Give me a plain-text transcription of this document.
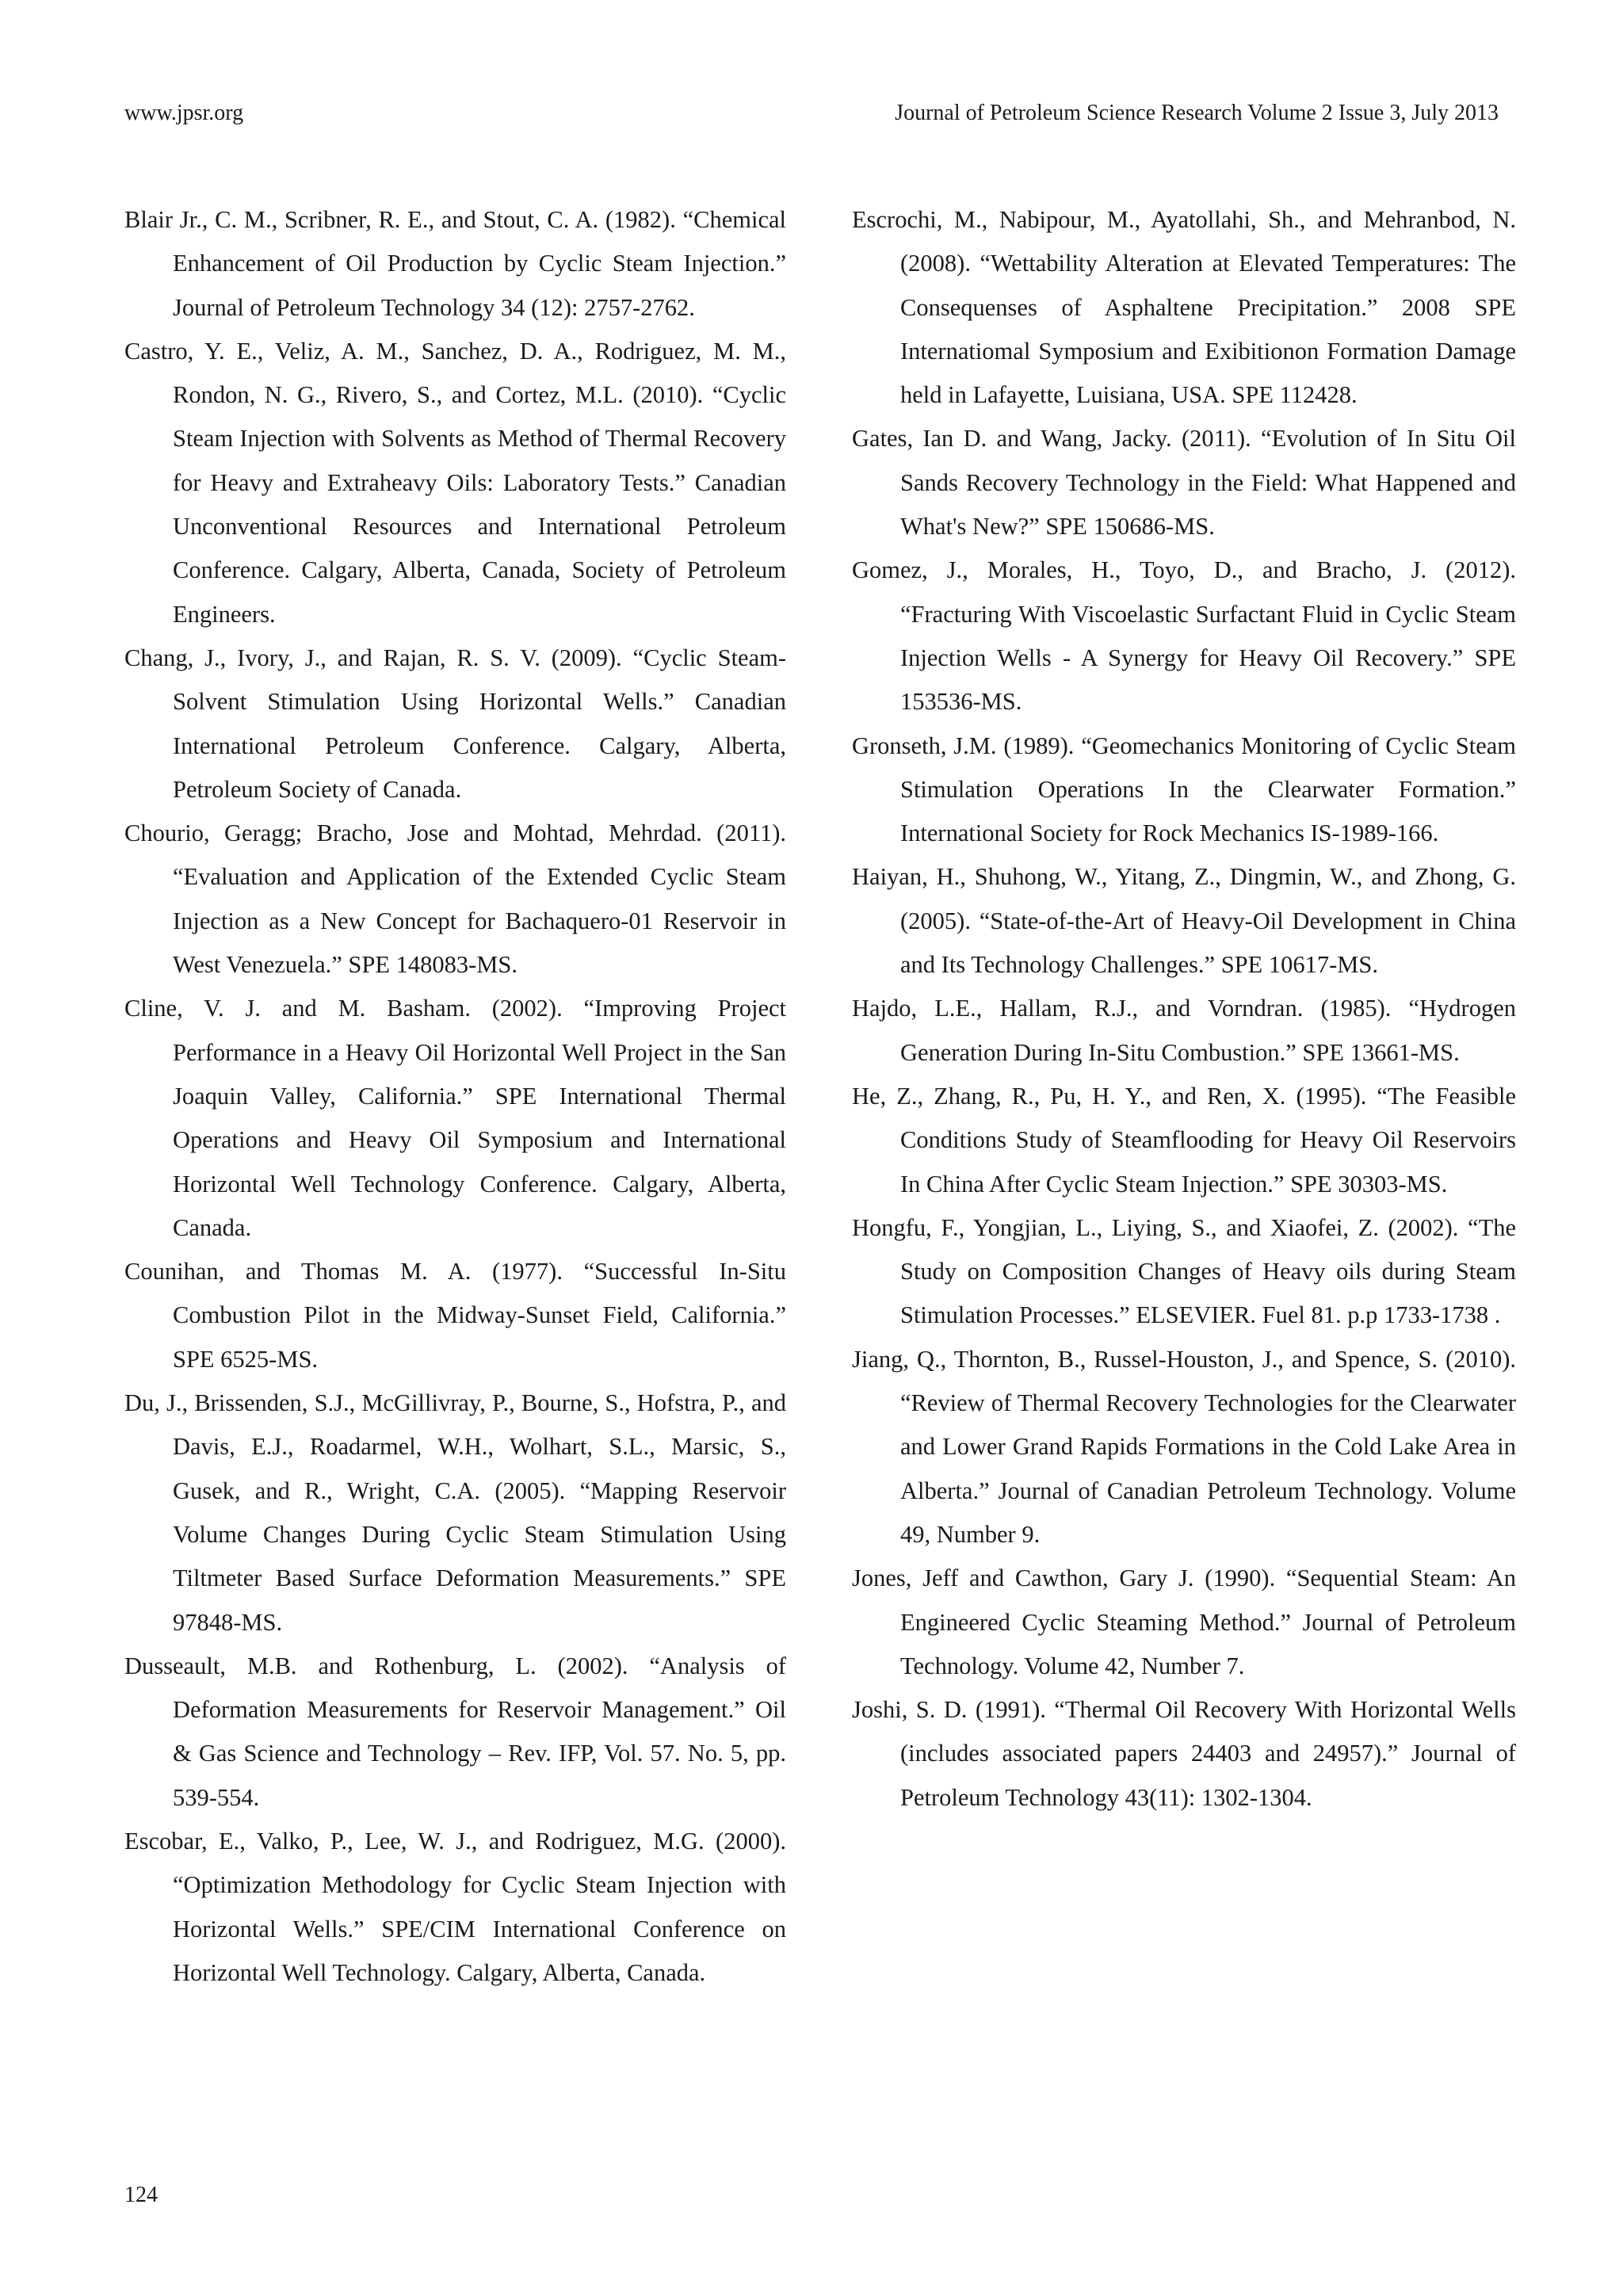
www.jpsr.org	Journal of Petroleum Science Research Volume 2 Issue 3, July 2013

Blair Jr., C. M., Scribner, R. E., and Stout, C. A. (1982). “Chemical Enhancement of Oil Production by Cyclic Steam Injection.” Journal of Petroleum Technology 34 (12): 2757-2762.

Castro, Y. E., Veliz, A. M., Sanchez, D. A., Rodriguez, M. M., Rondon, N. G., Rivero, S., and Cortez, M.L. (2010). “Cyclic Steam Injection with Solvents as Method of Thermal Recovery for Heavy and Extraheavy Oils: Laboratory Tests.” Canadian Unconventional Resources and International Petroleum Conference. Calgary, Alberta, Canada, Society of Petroleum Engineers.

Chang, J., Ivory, J., and Rajan, R. S. V. (2009). “Cyclic Steam-Solvent Stimulation Using Horizontal Wells.” Canadian International Petroleum Conference. Calgary, Alberta, Petroleum Society of Canada.

Chourio, Geragg; Bracho, Jose and Mohtad, Mehrdad. (2011). “Evaluation and Application of the Extended Cyclic Steam Injection as a New Concept for Bachaquero-01 Reservoir in West Venezuela.” SPE 148083-MS.

Cline, V. J. and M. Basham. (2002). “Improving Project Performance in a Heavy Oil Horizontal Well Project in the San Joaquin Valley, California.” SPE International Thermal Operations and Heavy Oil Symposium and International Horizontal Well Technology Conference. Calgary, Alberta, Canada.

Counihan, and Thomas M. A. (1977). “Successful In-Situ Combustion Pilot in the Midway-Sunset Field, California.” SPE 6525-MS.

Du, J., Brissenden, S.J., McGillivray, P., Bourne, S., Hofstra, P., and Davis, E.J., Roadarmel, W.H., Wolhart, S.L., Marsic, S., Gusek, and R., Wright, C.A. (2005). “Mapping Reservoir Volume Changes During Cyclic Steam Stimulation Using Tiltmeter Based Surface Deformation Measurements.” SPE 97848-MS.

Dusseault, M.B. and Rothenburg, L. (2002). “Analysis of Deformation Measurements for Reservoir Management.” Oil & Gas Science and Technology – Rev. IFP, Vol. 57. No. 5, pp. 539-554.

Escobar, E., Valko, P., Lee, W. J., and Rodriguez, M.G. (2000). “Optimization Methodology for Cyclic Steam Injection with Horizontal Wells.” SPE/CIM International Conference on Horizontal Well Technology. Calgary, Alberta, Canada.

Escrochi, M., Nabipour, M., Ayatollahi, Sh., and Mehranbod, N. (2008). “Wettability Alteration at Elevated Temperatures: The Consequenses of Asphaltene Precipitation.” 2008 SPE Internatiomal Symposium and Exibitionon Formation Damage held in Lafayette, Luisiana, USA. SPE 112428.

Gates, Ian D. and Wang, Jacky. (2011). “Evolution of In Situ Oil Sands Recovery Technology in the Field: What Happened and What's New?” SPE 150686-MS.

Gomez, J., Morales, H., Toyo, D., and Bracho, J. (2012). “Fracturing With Viscoelastic Surfactant Fluid in Cyclic Steam Injection Wells - A Synergy for Heavy Oil Recovery.” SPE 153536-MS.

Gronseth, J.M. (1989). “Geomechanics Monitoring of Cyclic Steam Stimulation Operations In the Clearwater Formation.” International Society for Rock Mechanics IS-1989-166.

Haiyan, H., Shuhong, W., Yitang, Z., Dingmin, W., and Zhong, G. (2005). “State-of-the-Art of Heavy-Oil Development in China and Its Technology Challenges.” SPE 10617-MS.

Hajdo, L.E., Hallam, R.J., and Vorndran. (1985). “Hydrogen Generation During In-Situ Combustion.” SPE 13661-MS.

He, Z., Zhang, R., Pu, H. Y., and Ren, X. (1995). “The Feasible Conditions Study of Steamflooding for Heavy Oil Reservoirs In China After Cyclic Steam Injection.” SPE 30303-MS.

Hongfu, F., Yongjian, L., Liying, S., and Xiaofei, Z. (2002). “The Study on Composition Changes of Heavy oils during Steam Stimulation Processes.” ELSEVIER. Fuel 81. p.p 1733-1738 .

Jiang, Q., Thornton, B., Russel-Houston, J., and Spence, S. (2010). “Review of Thermal Recovery Technologies for the Clearwater and Lower Grand Rapids Formations in the Cold Lake Area in Alberta.” Journal of Canadian Petroleum Technology. Volume 49, Number 9.

Jones, Jeff and Cawthon, Gary J. (1990). “Sequential Steam: An Engineered Cyclic Steaming Method.” Journal of Petroleum Technology. Volume 42, Number 7.

Joshi, S. D. (1991). “Thermal Oil Recovery With Horizontal Wells (includes associated papers 24403 and 24957).” Journal of Petroleum Technology 43(11): 1302-1304.

124
